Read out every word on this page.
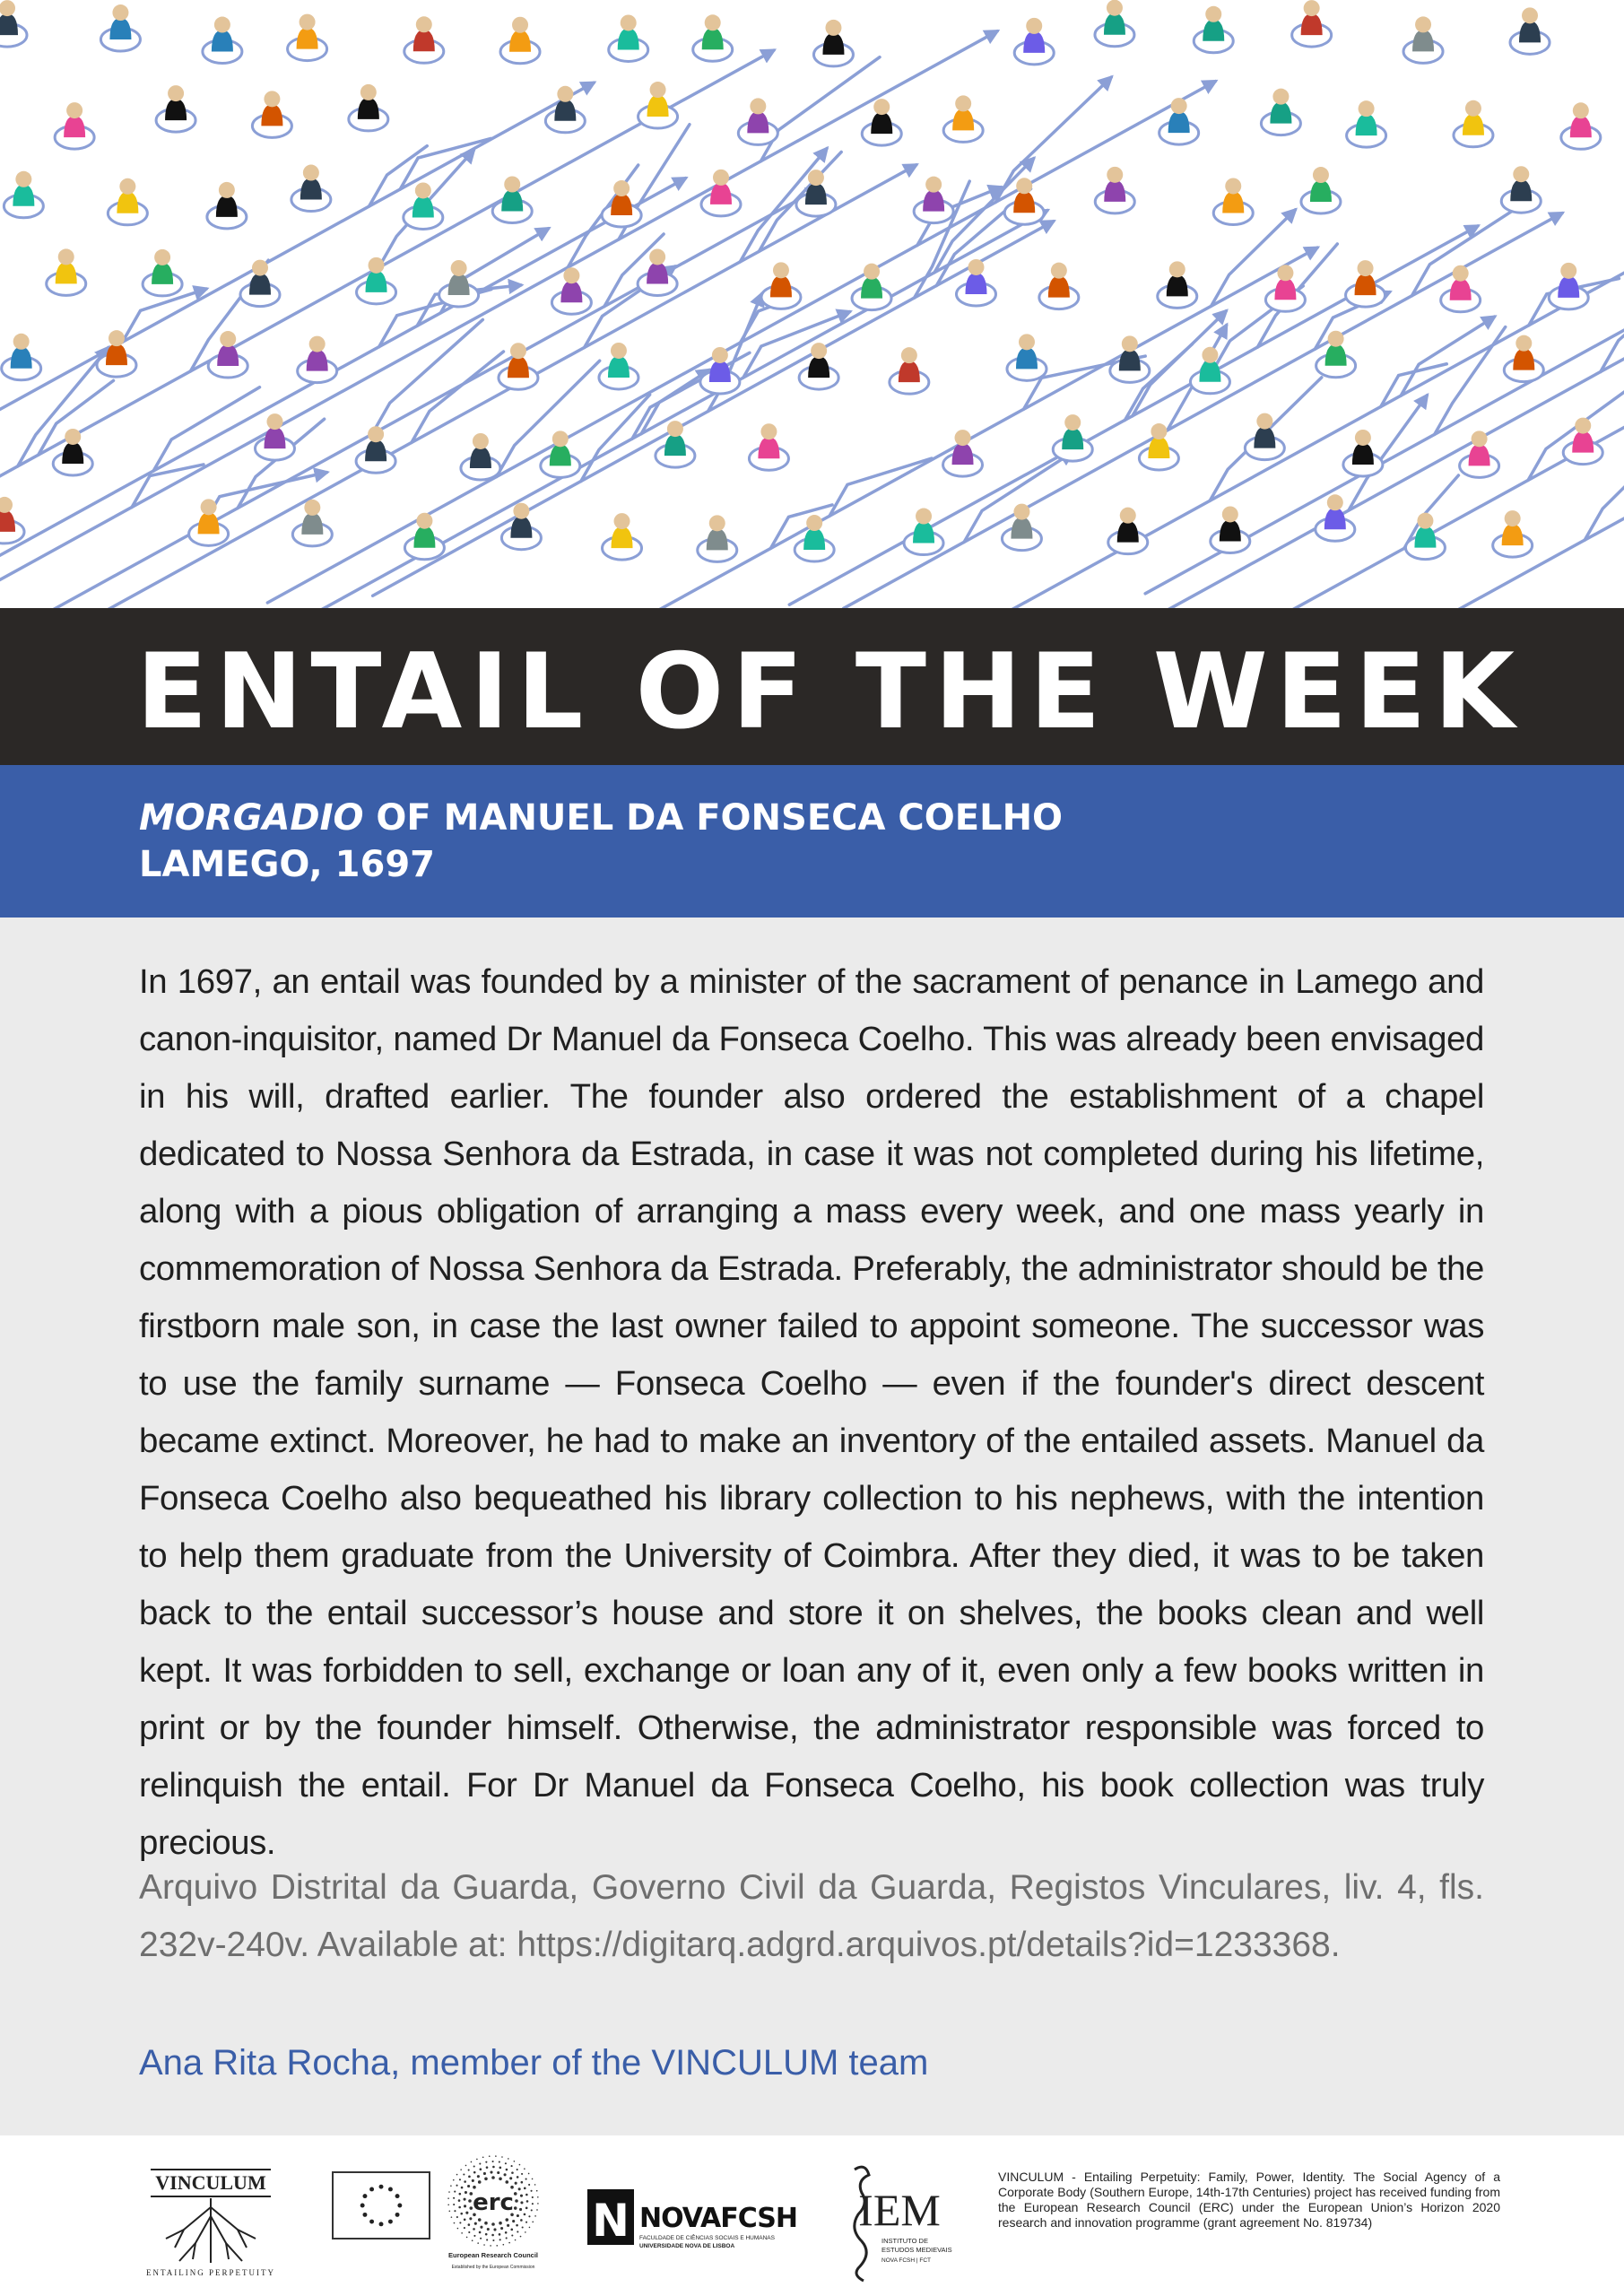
ENTAIL OF THE WEEK
MORGADIO OF MANUEL DA FONSECA COELHO
LAMEGO, 1697

In 1697, an entail was founded by a minister of the sacrament of penance in Lamego and canon-inquisitor, named Dr Manuel da Fonseca Coelho. This was already been envisaged in his will, drafted earlier. The founder also ordered the establishment of a chapel dedicated to Nossa Senhora da Estrada, in case it was not completed during his lifetime, along with a pious obligation of arranging a mass every week, and one mass yearly in commemoration of Nossa Senhora da Estrada. Preferably, the administrator should be the firstborn male son, in case the last owner failed to appoint someone. The successor was to use the family surname — Fonseca Coelho — even if the founder's direct descent became extinct. Moreover, he had to make an inventory of the entailed assets. Manuel da Fonseca Coelho also bequeathed his library collection to his nephews, with the intention to help them graduate from the University of Coimbra. After they died, it was to be taken back to the entail successor’s house and store it on shelves, the books clean and well kept. It was forbidden to sell, exchange or loan any of it, even only a few books written in print or by the founder himself. Otherwise, the administrator responsible was forced to relinquish the entail. For Dr Manuel da Fonseca Coelho, his book collection was truly precious.

Arquivo Distrital da Guarda, Governo Civil da Guarda, Registos Vinculares, liv. 4, fls. 232v-240v. Available at: https://digitarq.adgrd.arquivos.pt/details?id=1233368.

Ana Rita Rocha, member of the VINCULUM team

VINCULUM
ENTAILING PERPETUITY
erc
European Research Council
Established by the European Commission
N NOVAFCSH
FACULDADE DE CIÊNCIAS SOCIAIS E HUMANAS
UNIVERSIDADE NOVA DE LISBOA
IEM
INSTITUTO DE
ESTUDOS MEDIEVAIS
NOVA FCSH | FCT

VINCULUM - Entailing Perpetuity: Family, Power, Identity. The Social Agency of a Corporate Body (Southern Europe, 14th-17th Centuries) project has received funding from the European Research Council (ERC) under the European Union’s Horizon 2020 research and innovation programme (grant agreement No. 819734)
